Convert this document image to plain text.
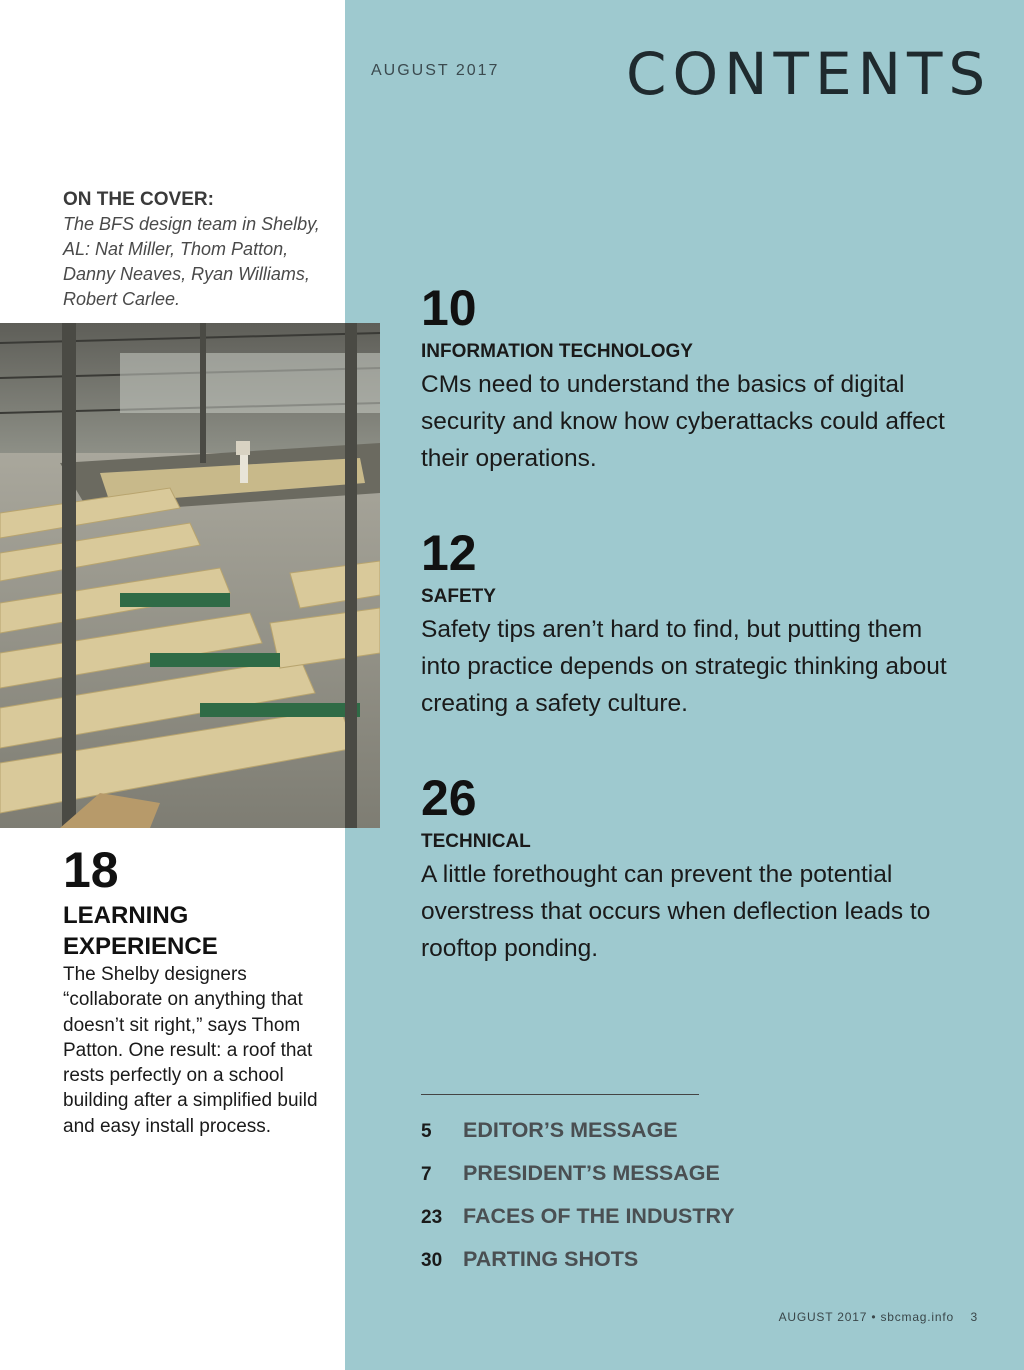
AUGUST 2017 CONTENTS
ON THE COVER:
The BFS design team in Shelby, AL: Nat Miller, Thom Patton, Danny Neaves, Ryan Williams, Robert Carlee.
18
LEARNING EXPERIENCE
The Shelby designers “collaborate on anything that doesn’t sit right,” says Thom Patton. One result: a roof that rests perfectly on a school building after a simplified build and easy install process.
10
INFORMATION TECHNOLOGY
CMs need to understand the basics of digital security and know how cyberattacks could affect their operations.
12
SAFETY
Safety tips aren’t hard to find, but putting them into practice depends on strategic thinking about creating a safety culture.
26
TECHNICAL
A little forethought can prevent the potential overstress that occurs when deflection leads to rooftop ponding.
5	EDITOR’S MESSAGE
7	PRESIDENT’S MESSAGE
23 FACES OF THE INDUSTRY
30 PARTING SHOTS
AUGUST 2017 • sbcmag.info 3
